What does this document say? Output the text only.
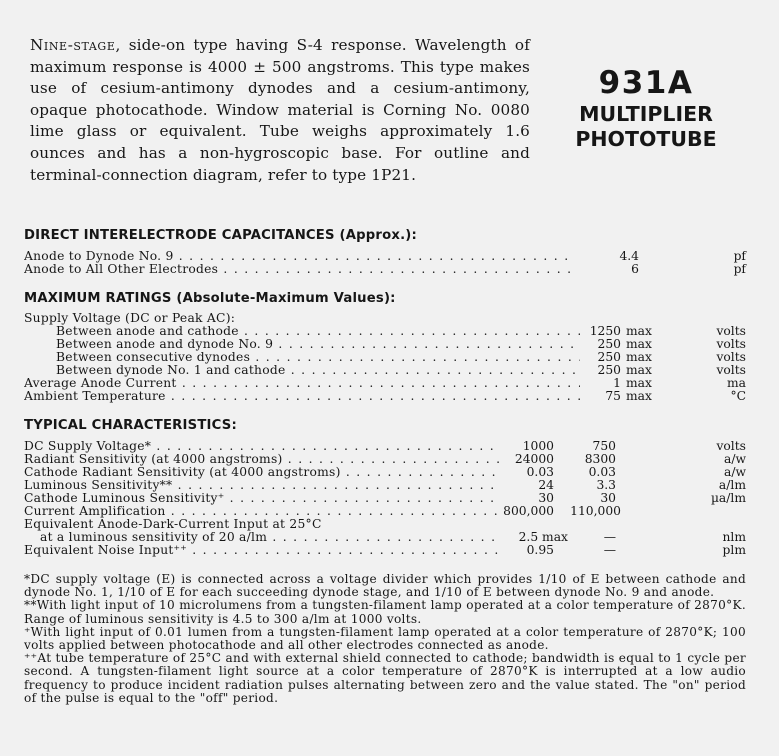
Nine-stage, side-on type having S-4 response. Wavelength of maximum response is 4000 ± 500 angstroms. This type makes use of cesium-antimony dynodes and a cesium-antimony, opaque photocathode. Window material is Corning No. 0080 lime glass or equivalent. Tube weighs approximately 1.6 ounces and has a non-hygroscopic base. For outline and terminal-connection diagram, refer to type 1P21.
931A
MULTIPLIER
PHOTOTUBE
DIRECT INTERELECTRODE CAPACITANCES (Approx.):
Anode to Dynode No. 9 . . .	4.4	pf
Anode to All Other Electrodes . . .	6	pf
MAXIMUM RATINGS (Absolute-Maximum Values):
Supply Voltage (DC or Peak AC):
Between anode and cathode . . .	1250 max	volts
Between anode and dynode No. 9 . . .	250 max	volts
Between consecutive dynodes . . .	250 max	volts
Between dynode No. 1 and cathode . . .	250 max	volts
Average Anode Current . . .	1 max	ma
Ambient Temperature . . .	75 max	°C
TYPICAL CHARACTERISTICS:
DC Supply Voltage* . . .	1000	750	volts
Radiant Sensitivity (at 4000 angstroms) . . .	24000	8300	a/w
Cathode Radiant Sensitivity (at 4000 angstroms) . . .	0.03	0.03	a/w
Luminous Sensitivity** . . .	24	3.3	a/lm
Cathode Luminous Sensitivity⁺ . . .	30	30	µa/lm
Current Amplification . . .	800,000	110,000
Equivalent Anode-Dark-Current Input at 25°C
at a luminous sensitivity of 20 a/lm . . .	2.5 max	—	nlm
Equivalent Noise Input⁺⁺ . . .	0.95	—	plm

*DC supply voltage (E) is connected across a voltage divider which provides 1/10 of E between cathode and dynode No. 1, 1/10 of E for each succeeding dynode stage, and 1/10 of E between dynode No. 9 and anode.

**With light input of 10 microlumens from a tungsten-filament lamp operated at a color temperature of 2870°K. Range of luminous sensitivity is 4.5 to 300 a/lm at 1000 volts.

⁺With light input of 0.01 lumen from a tungsten-filament lamp operated at a color temperature of 2870°K; 100 volts applied between photocathode and all other electrodes connected as anode.

⁺⁺At tube temperature of 25°C and with external shield connected to cathode; bandwidth is equal to 1 cycle per second. A tungsten-filament light source at a color temperature of 2870°K is interrupted at a low audio frequency to produce incident radiation pulses alternating between zero and the value stated. The "on" period of the pulse is equal to the "off" period.
